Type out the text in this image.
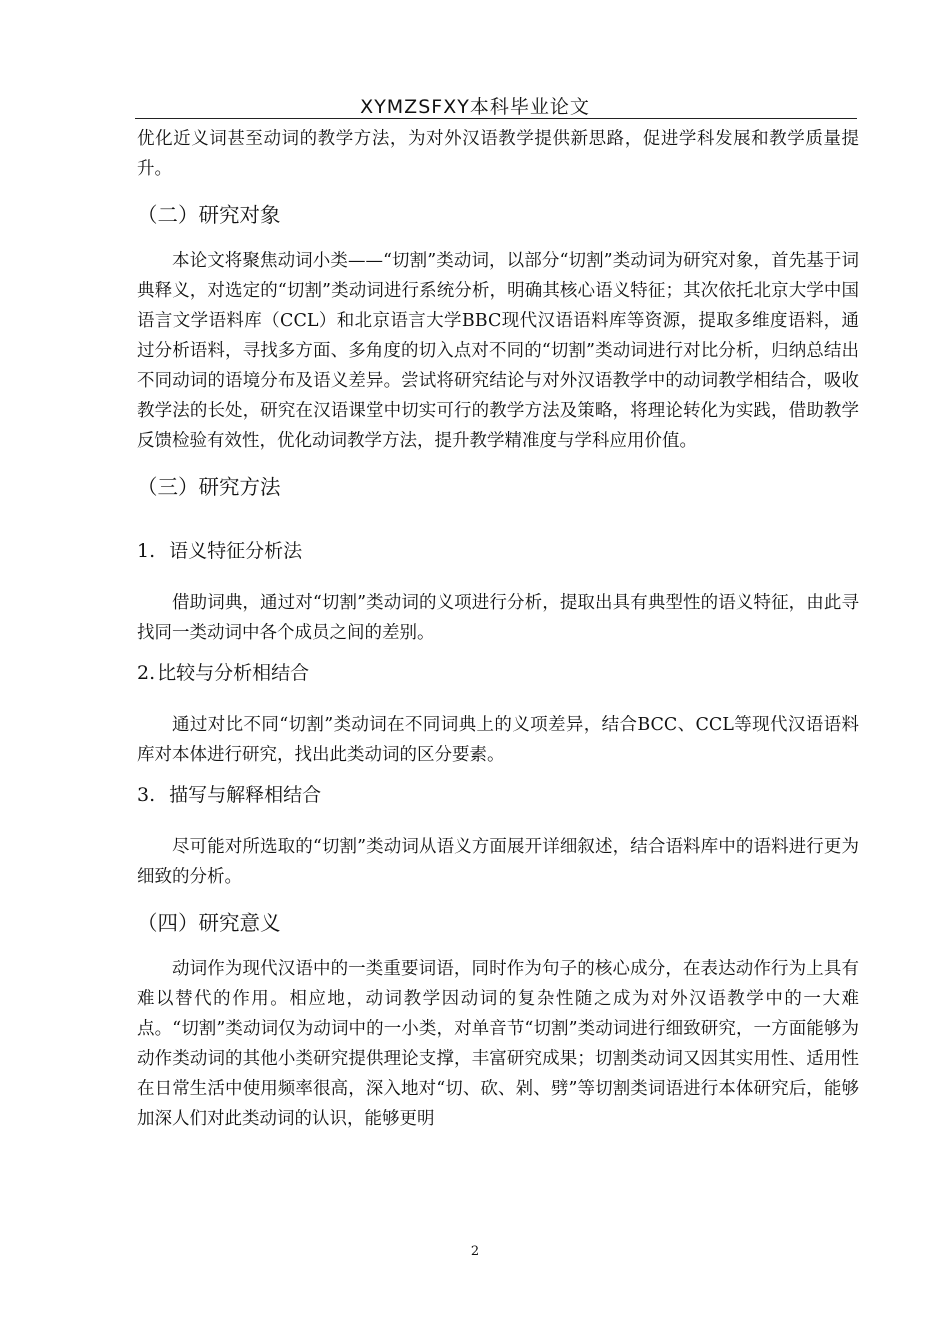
XYMZSFXY本科毕业论文

优化近义词甚至动词的教学方法，为对外汉语教学提供新思路，促进学科发展和教学质量提升。

（二）研究对象

本论文将聚焦动词小类——“切割”类动词，以部分“切割”类动词为研究对象，首先基于词典释义，对选定的“切割”类动词进行系统分析，明确其核心语义特征；其次依托北京大学中国语言文学语料库（CCL）和北京语言大学BBC现代汉语语料库等资源，提取多维度语料，通过分析语料，寻找多方面、多角度的切入点对不同的“切割”类动词进行对比分析，归纳总结出不同动词的语境分布及语义差异。尝试将研究结论与对外汉语教学中的动词教学相结合，吸收教学法的长处，研究在汉语课堂中切实可行的教学方法及策略，将理论转化为实践，借助教学反馈检验有效性，优化动词教学方法，提升教学精准度与学科应用价值。

（三）研究方法
1. 语义特征分析法

借助词典，通过对“切割”类动词的义项进行分析，提取出具有典型性的语义特征，由此寻找同一类动词中各个成员之间的差别。

2. 比较与分析相结合

通过对比不同“切割”类动词在不同词典上的义项差异，结合BCC、CCL等现代汉语语料库对本体进行研究，找出此类动词的区分要素。

3. 描写与解释相结合

尽可能对所选取的“切割”类动词从语义方面展开详细叙述，结合语料库中的语料进行更为细致的分析。

（四）研究意义

动词作为现代汉语中的一类重要词语，同时作为句子的核心成分，在表达动作行为上具有难以替代的作用。相应地，动词教学因动词的复杂性随之成为对外汉语教学中的一大难点。“切割”类动词仅为动词中的一小类，对单音节“切割”类动词进行细致研究，一方面能够为动作类动词的其他小类研究提供理论支撑，丰富研究成果；切割类动词又因其实用性、适用性在日常生活中使用频率很高，深入地对“切、砍、剁、劈”等切割类词语进行本体研究后，能够加深人们对此类动词的认识，能够更明

2
